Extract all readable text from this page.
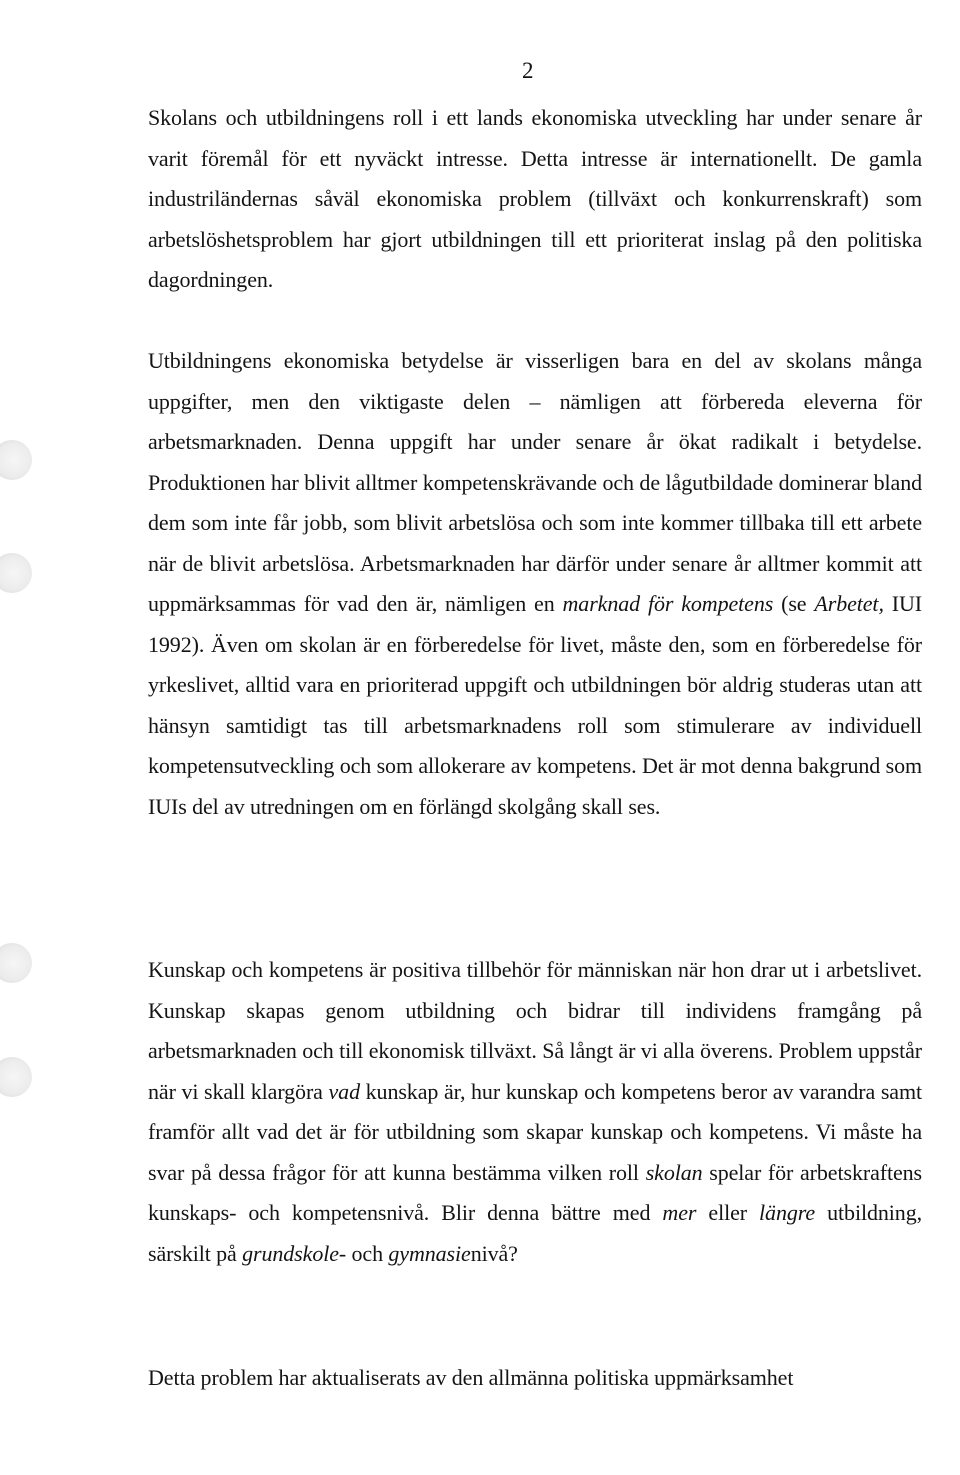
2

Skolans och utbildningens roll i ett lands ekonomiska utveckling har under senare år varit föremål för ett nyväckt intresse. Detta intresse är internationellt. De gamla industriländernas såväl ekonomiska problem (tillväxt och konkurrenskraft) som arbetslöshetsproblem har gjort utbildningen till ett prioriterat inslag på den politiska dagordningen.

Utbildningens ekonomiska betydelse är visserligen bara en del av skolans många uppgifter, men den viktigaste delen – nämligen att förbereda eleverna för arbetsmarknaden. Denna uppgift har under senare år ökat radikalt i betydelse. Produktionen har blivit alltmer kompetenskrävande och de lågutbildade dominerar bland dem som inte får jobb, som blivit arbetslösa och som inte kommer tillbaka till ett arbete när de blivit arbetslösa. Arbetsmarknaden har därför under senare år alltmer kommit att uppmärksammas för vad den är, nämligen en marknad för kompetens (se Arbetet, IUI 1992). Även om skolan är en förberedelse för livet, måste den, som en förberedelse för yrkeslivet, alltid vara en prioriterad uppgift och utbildningen bör aldrig studeras utan att hänsyn samtidigt tas till arbetsmarknadens roll som stimulerare av individuell kompetensutveckling och som allokerare av kompetens. Det är mot denna bakgrund som IUIs del av utredningen om en förlängd skolgång skall ses.

Kunskap och kompetens är positiva tillbehör för människan när hon drar ut i arbetslivet. Kunskap skapas genom utbildning och bidrar till individens framgång på arbetsmarknaden och till ekonomisk tillväxt. Så långt är vi alla överens. Problem uppstår när vi skall klargöra vad kunskap är, hur kunskap och kompetens beror av varandra samt framför allt vad det är för utbildning som skapar kunskap och kompetens. Vi måste ha svar på dessa frågor för att kunna bestämma vilken roll skolan spelar för arbetskraftens kunskaps- och kompetensnivå. Blir denna bättre med mer eller längre utbildning, särskilt på grundskole- och gymnasienivå?

Detta problem har aktualiserats av den allmänna politiska uppmärksamhet
